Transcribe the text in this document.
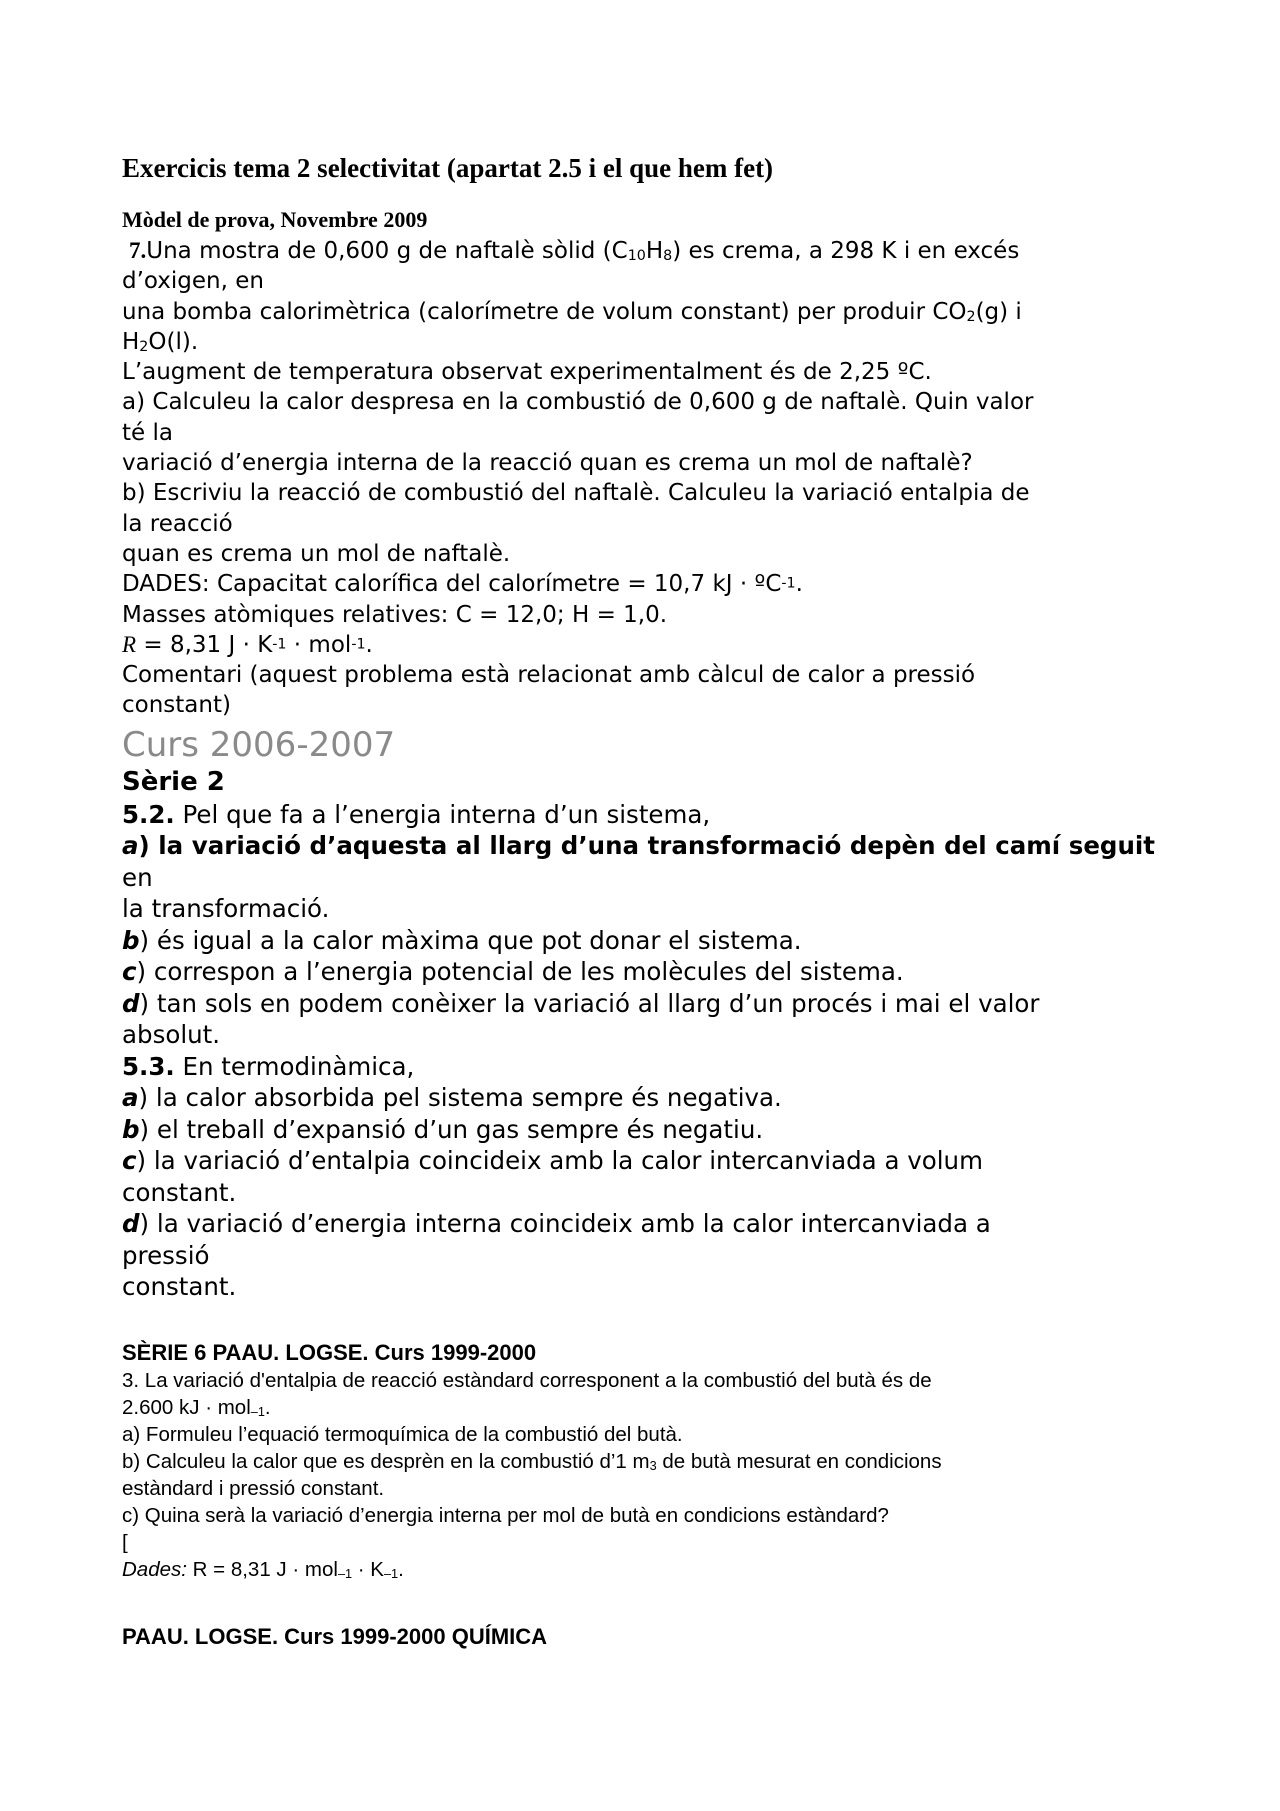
Exercicis tema 2 selectivitat (apartat 2.5 i el que hem fet)

Mòdel de prova, Novembre 2009

7.Una mostra de 0,600 g de naftalè sòlid $(C_{10}H_8)$ es crema, a 298 K i en excés

d’oxigen, en

una bomba calorimètrica (calorímetre de volum constant) per produir $CO_2(g)$ i

$H_2O(l)$.

L’augment de temperatura observat experimentalment és de 2,25 ºC.

a) Calculeu la calor despresa en la combustió de 0,600 g de naftalè. Quin valor

té la

variació d’energia interna de la reacció quan es crema un mol de naftalè?

b) Escriviu la reacció de combustió del naftalè. Calculeu la variació entalpia de

la reacció

quan es crema un mol de naftalè.

DADES: Capacitat calorífica del calorímetre = 10,7 kJ · ºC$^{-1}$.

Masses atòmiques relatives: C = 12,0; H = 1,0.

R = 8,31 $J \cdot K^{-1} \cdot mol^{-1}$.

Comentari (aquest problema està relacionat amb càlcul de calor a pressió

constant)

Curs 2006-2007

Sèrie 2

5.2. Pel que fa a l’energia interna d’un sistema,

a) la variació d’aquesta al llarg d’una transformació depèn del camí seguit

en

la transformació.

b) és igual a la calor màxima que pot donar el sistema.

c) correspon a l’energia potencial de les molècules del sistema.

d) tan sols en podem conèixer la variació al llarg d’un procés i mai el valor

absolut.

5.3. En termodinàmica,

a) la calor absorbida pel sistema sempre és negativa.

b) el treball d’expansió d’un gas sempre és negatiu.

c) la variació d’entalpia coincideix amb la calor intercanviada a volum

constant.

d) la variació d’energia interna coincideix amb la calor intercanviada a

pressió

constant.

SÈRIE 6 PAAU. LOGSE. Curs 1999-2000

3. La variació d'entalpia de reacció estàndard corresponent a la combustió del butà és de

2.600 kJ · mol$_{-1}$.

a) Formuleu l’equació termoquímica de la combustió del butà.

b) Calculeu la calor que es desprèn en la combustió d’1 $m_3$ de butà mesurat en condicions

estàndard i pressió constant.

c) Quina serà la variació d’energia interna per mol de butà en condicions estàndard?

[

Dades: R = 8,31 $J \cdot mol_{-1} \cdot K_{-1}$.

PAAU. LOGSE. Curs 1999-2000 QUÍMICA
